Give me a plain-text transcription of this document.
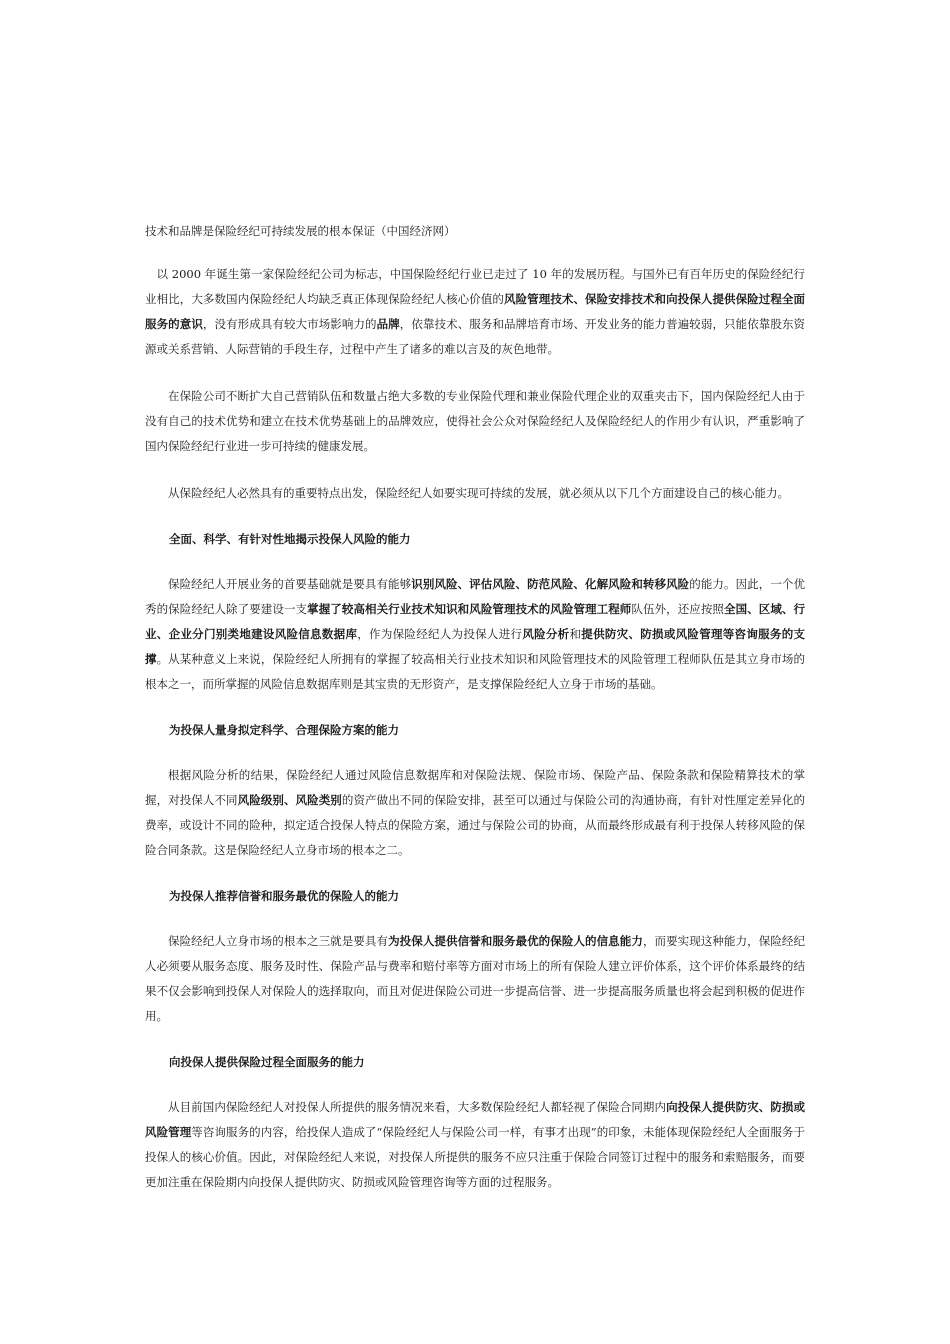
技术和品牌是保险经纪可持续发展的根本保证（中国经济网）

以 2000 年诞生第一家保险经纪公司为标志，中国保险经纪行业已走过了 10 年的发展历程。与国外已有百年历史的保险经纪行业相比，大多数国内保险经纪人均缺乏真正体现保险经纪人核心价值的风险管理技术、保险安排技术和向投保人提供保险过程全面服务的意识，没有形成具有较大市场影响力的品牌，依靠技术、服务和品牌培育市场、开发业务的能力普遍较弱，只能依靠股东资源或关系营销、人际营销的手段生存，过程中产生了诸多的难以言及的灰色地带。

在保险公司不断扩大自己营销队伍和数量占绝大多数的专业保险代理和兼业保险代理企业的双重夹击下，国内保险经纪人由于没有自己的技术优势和建立在技术优势基础上的品牌效应，使得社会公众对保险经纪人及保险经纪人的作用少有认识，严重影响了国内保险经纪行业进一步可持续的健康发展。

从保险经纪人必然具有的重要特点出发，保险经纪人如要实现可持续的发展，就必须从以下几个方面建设自己的核心能力。

全面、科学、有针对性地揭示投保人风险的能力

保险经纪人开展业务的首要基础就是要具有能够识别风险、评估风险、防范风险、化解风险和转移风险的能力。因此，一个优秀的保险经纪人除了要建设一支掌握了较高相关行业技术知识和风险管理技术的风险管理工程师队伍外，还应按照全国、区域、行业、企业分门别类地建设风险信息数据库，作为保险经纪人为投保人进行风险分析和提供防灾、防损或风险管理等咨询服务的支撑。从某种意义上来说，保险经纪人所拥有的掌握了较高相关行业技术知识和风险管理技术的风险管理工程师队伍是其立身市场的根本之一，而所掌握的风险信息数据库则是其宝贵的无形资产，是支撑保险经纪人立身于市场的基础。

为投保人量身拟定科学、合理保险方案的能力

根据风险分析的结果，保险经纪人通过风险信息数据库和对保险法规、保险市场、保险产品、保险条款和保险精算技术的掌握，对投保人不同风险级别、风险类别的资产做出不同的保险安排，甚至可以通过与保险公司的沟通协商，有针对性厘定差异化的费率，或设计不同的险种，拟定适合投保人特点的保险方案，通过与保险公司的协商，从而最终形成最有利于投保人转移风险的保险合同条款。这是保险经纪人立身市场的根本之二。

为投保人推荐信誉和服务最优的保险人的能力

保险经纪人立身市场的根本之三就是要具有为投保人提供信誉和服务最优的保险人的信息能力，而要实现这种能力，保险经纪人必须要从服务态度、服务及时性、保险产品与费率和赔付率等方面对市场上的所有保险人建立评价体系，这个评价体系最终的结果不仅会影响到投保人对保险人的选择取向，而且对促进保险公司进一步提高信誉、进一步提高服务质量也将会起到积极的促进作用。

向投保人提供保险过程全面服务的能力

从目前国内保险经纪人对投保人所提供的服务情况来看，大多数保险经纪人都轻视了保险合同期内向投保人提供防灾、防损或风险管理等咨询服务的内容，给投保人造成了“保险经纪人与保险公司一样，有事才出现”的印象，未能体现保险经纪人全面服务于投保人的核心价值。因此，对保险经纪人来说，对投保人所提供的服务不应只注重于保险合同签订过程中的服务和索赔服务，而要更加注重在保险期内向投保人提供防灾、防损或风险管理咨询等方面的过程服务。
